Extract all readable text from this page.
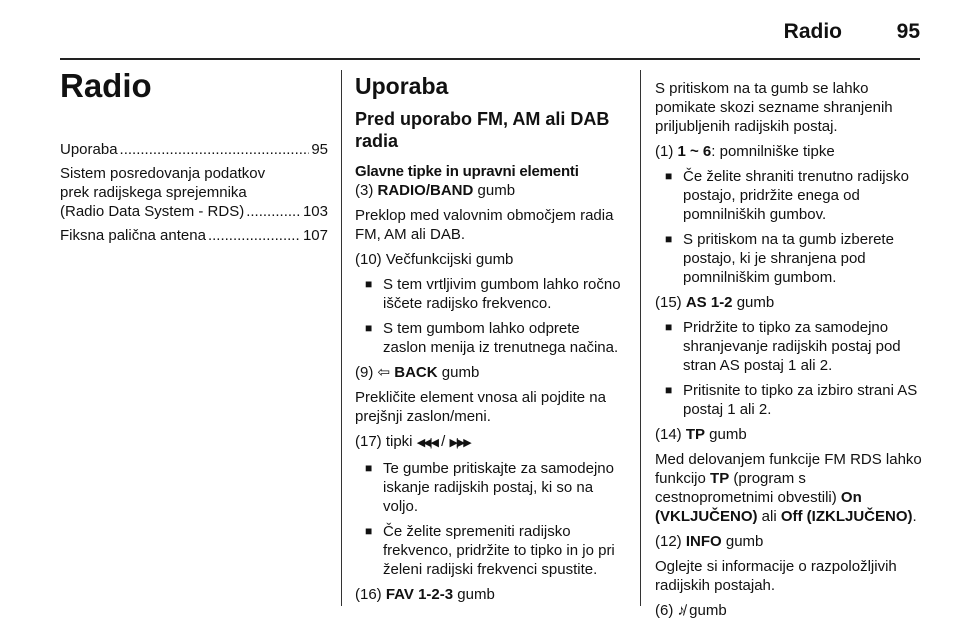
Radio	95
Radio
Uporaba .....	95
Sistem posredovanja podatkov
prek radijskega sprejemnika
(Radio Data System - RDS) .....	103
Fiksna palična antena .....	107
Uporaba
Pred uporabo FM, AM ali DAB radia
Glavne tipke in upravni elementi

(3) RADIO/BAND gumb

Preklop med valovnim območjem radia FM, AM ali DAB.

(10) Večfunkcijski gumb

■ S tem vrtljivim gumbom lahko ročno iščete radijsko frekvenco.
■ S tem gumbom lahko odprete zaslon menija iz trenutnega načina.

(9) ⇦ BACK gumb

Prekličite element vnosa ali pojdite na prejšnji zaslon/meni.

(17) tipki ◀◀|◀ / ▶|▶▶

■ Te gumbe pritiskajte za samodejno iskanje radijskih postaj, ki so na voljo.
■ Če želite spremeniti radijsko frekvenco, pridržite to tipko in jo pri želeni radijski frekvenci spustite.

(16) FAV 1-2-3 gumb

S pritiskom na ta gumb se lahko pomikate skozi sezname shranjenih priljubljenih radijskih postaj.

(1) 1 ~ 6: pomnilniške tipke

■ Če želite shraniti trenutno radijsko postajo, pridržite enega od pomnilniških gumbov.
■ S pritiskom na ta gumb izberete postajo, ki je shranjena pod pomnilniškim gumbom.

(15) AS 1-2 gumb

■ Pridržite to tipko za samodejno shranjevanje radijskih postaj pod stran AS postaj 1 ali 2.
■ Pritisnite to tipko za izbiro strani AS postaj 1 ali 2.

(14) TP gumb

Med delovanjem funkcije FM RDS lahko funkcijo TP (program s cestnoprometnimi obvestili) On (VKLJUČENO) ali Off (IZKLJUČENO).

(12) INFO gumb

Oglejte si informacije o razpoložljivih radijskih postajah.

(6) ♪̸ gumb
